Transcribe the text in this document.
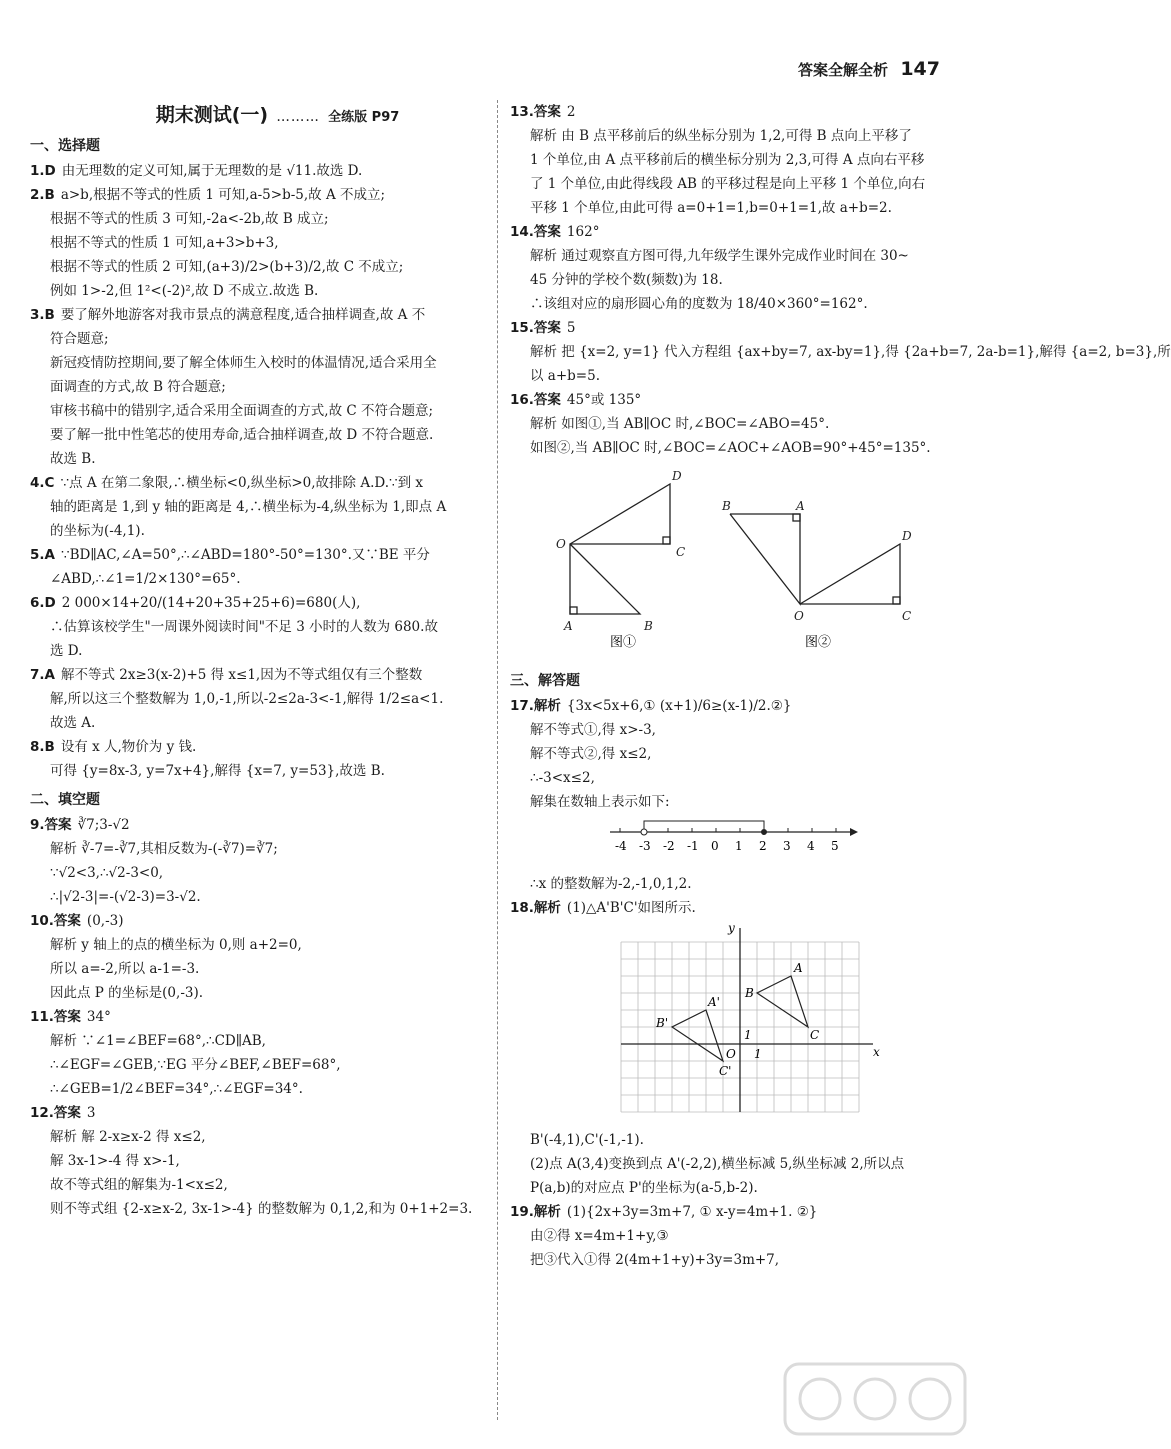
答案全解全析 147
期末测试(一) ……… 全练版 P97
一、选择题
1.D 由无理数的定义可知,属于无理数的是 √11.故选 D.
2.B a>b,根据不等式的性质 1 可知,a-5>b-5,故 A 不成立;
根据不等式的性质 3 可知,-2a<-2b,故 B 成立;
根据不等式的性质 1 可知,a+3>b+3,
根据不等式的性质 2 可知,(a+3)/2>(b+3)/2,故 C 不成立;
例如 1>-2,但 1²<(-2)²,故 D 不成立.故选 B.
3.B 要了解外地游客对我市景点的满意程度,适合抽样调查,故 A 不
符合题意;
新冠疫情防控期间,要了解全体师生入校时的体温情况,适合采用全
面调查的方式,故 B 符合题意;
审核书稿中的错别字,适合采用全面调查的方式,故 C 不符合题意;
要了解一批中性笔芯的使用寿命,适合抽样调查,故 D 不符合题意.
故选 B.
4.C ∵点 A 在第二象限,∴横坐标<0,纵坐标>0,故排除 A.D.∵到 x
轴的距离是 1,到 y 轴的距离是 4,∴横坐标为-4,纵坐标为 1,即点 A
的坐标为(-4,1).
5.A ∵BD∥AC,∠A=50°,∴∠ABD=180°-50°=130°.又∵BE 平分
∠ABD,∴∠1=1/2×130°=65°.
6.D 2 000×14+20/(14+20+35+25+6)=680(人),
∴估算该校学生"一周课外阅读时间"不足 3 小时的人数为 680.故
选 D.
7.A 解不等式 2x≥3(x-2)+5 得 x≤1,因为不等式组仅有三个整数
解,所以这三个整数解为 1,0,-1,所以-2≤2a-3<-1,解得 1/2≤a<1.
故选 A.
8.B 设有 x 人,物价为 y 钱.
可得 {y=8x-3, y=7x+4},解得 {x=7, y=53},故选 B.
二、填空题
9.答案 ∛7;3-√2
解析 ∛-7=-∛7,其相反数为-(-∛7)=∛7;
∵√2<3,∴√2-3<0,
∴|√2-3|=-(√2-3)=3-√2.
10.答案 (0,-3)
解析 y 轴上的点的横坐标为 0,则 a+2=0,
所以 a=-2,所以 a-1=-3.
因此点 P 的坐标是(0,-3).
11.答案 34°
解析 ∵∠1=∠BEF=68°,∴CD∥AB,
∴∠EGF=∠GEB,∵EG 平分∠BEF,∠BEF=68°,
∴∠GEB=1/2∠BEF=34°,∴∠EGF=34°.
12.答案 3
解析 解 2-x≥x-2 得 x≤2,
解 3x-1>-4 得 x>-1,
故不等式组的解集为-1<x≤2,
则不等式组 {2-x≥x-2, 3x-1>-4} 的整数解为 0,1,2,和为 0+1+2=3.
13.答案 2
解析 由 B 点平移前后的纵坐标分别为 1,2,可得 B 点向上平移了
1 个单位,由 A 点平移前后的横坐标分别为 2,3,可得 A 点向右平移
了 1 个单位,由此得线段 AB 的平移过程是向上平移 1 个单位,向右
平移 1 个单位,由此可得 a=0+1=1,b=0+1=1,故 a+b=2.
14.答案 162°
解析 通过观察直方图可得,九年级学生课外完成作业时间在 30~
45 分钟的学校个数(频数)为 18.
∴该组对应的扇形圆心角的度数为 18/40×360°=162°.
15.答案 5
解析 把 {x=2, y=1} 代入方程组 {ax+by=7, ax-by=1},得 {2a+b=7, 2a-b=1},解得 {a=2, b=3},所
以 a+b=5.
16.答案 45°或 135°
解析 如图①,当 AB∥OC 时,∠BOC=∠ABO=45°.
如图②,当 AB∥OC 时,∠BOC=∠AOC+∠AOB=90°+45°=135°.
D
O
C
A	B
B	A
D
O	C
图①	图②
三、解答题
17.解析 {3x<5x+6,① (x+1)/6≥(x-1)/2.②}
解不等式①,得 x>-3,
解不等式②,得 x≤2,
∴-3<x≤2,
解集在数轴上表示如下:
-4 -3 -2 -1 0 1 2 3 4 5
∴x 的整数解为-2,-1,0,1,2.
18.解析 (1)△A'B'C'如图所示.
x
y
O 1
1
A
B
C
A'
B'
C'
B'(-4,1),C'(-1,-1).
(2)点 A(3,4)变换到点 A'(-2,2),横坐标减 5,纵坐标减 2,所以点
P(a,b)的对应点 P'的坐标为(a-5,b-2).
19.解析 (1){2x+3y=3m+7, ① x-y=4m+1. ②}
由②得 x=4m+1+y,③
把③代入①得 2(4m+1+y)+3y=3m+7,
